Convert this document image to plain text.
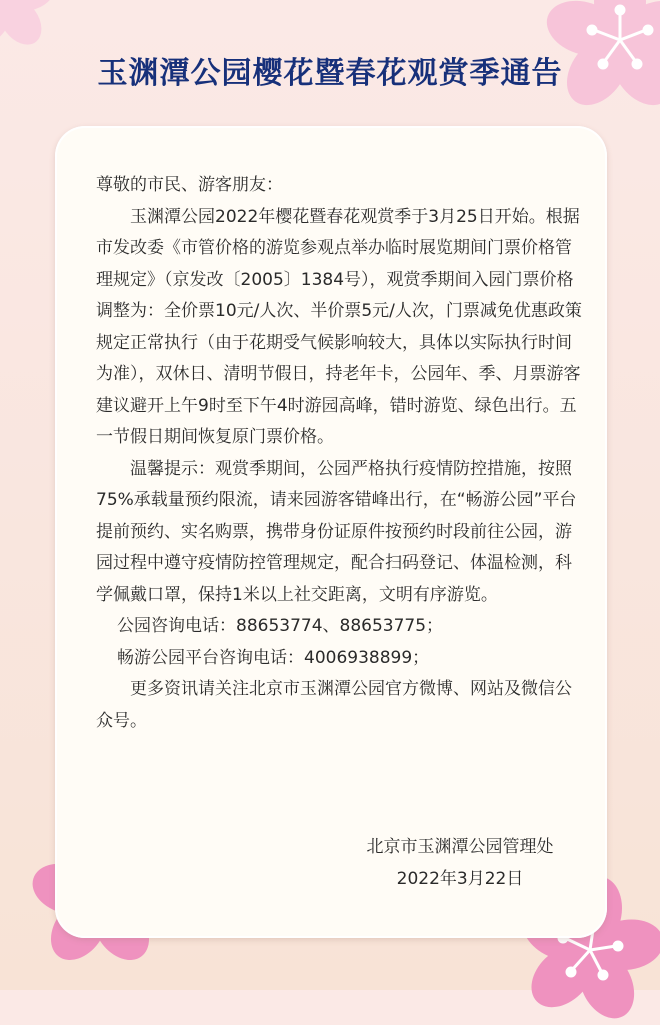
玉渊潭公园樱花暨春花观赏季通告

尊敬的市民、游客朋友：

玉渊潭公园2022年樱花暨春花观赏季于3月25日开始。根据市发改委《市管价格的游览参观点举办临时展览期间门票价格管理规定》（京发改〔2005〕1384号），观赏季期间入园门票价格调整为：全价票10元/人次、半价票5元/人次，门票减免优惠政策规定正常执行（由于花期受气候影响较大，具体以实际执行时间为准），双休日、清明节假日，持老年卡，公园年、季、月票游客建议避开上午9时至下午4时游园高峰，错时游览、绿色出行。五一节假日期间恢复原门票价格。

温馨提示：观赏季期间，公园严格执行疫情防控措施，按照75%承载量预约限流，请来园游客错峰出行，在“畅游公园”平台提前预约、实名购票，携带身份证原件按预约时段前往公园，游园过程中遵守疫情防控管理规定，配合扫码登记、体温检测，科学佩戴口罩，保持1米以上社交距离，文明有序游览。

公园咨询电话：88653774、88653775；

畅游公园平台咨询电话：4006938899；

更多资讯请关注北京市玉渊潭公园官方微博、网站及微信公众号。

北京市玉渊潭公园管理处
2022年3月22日
